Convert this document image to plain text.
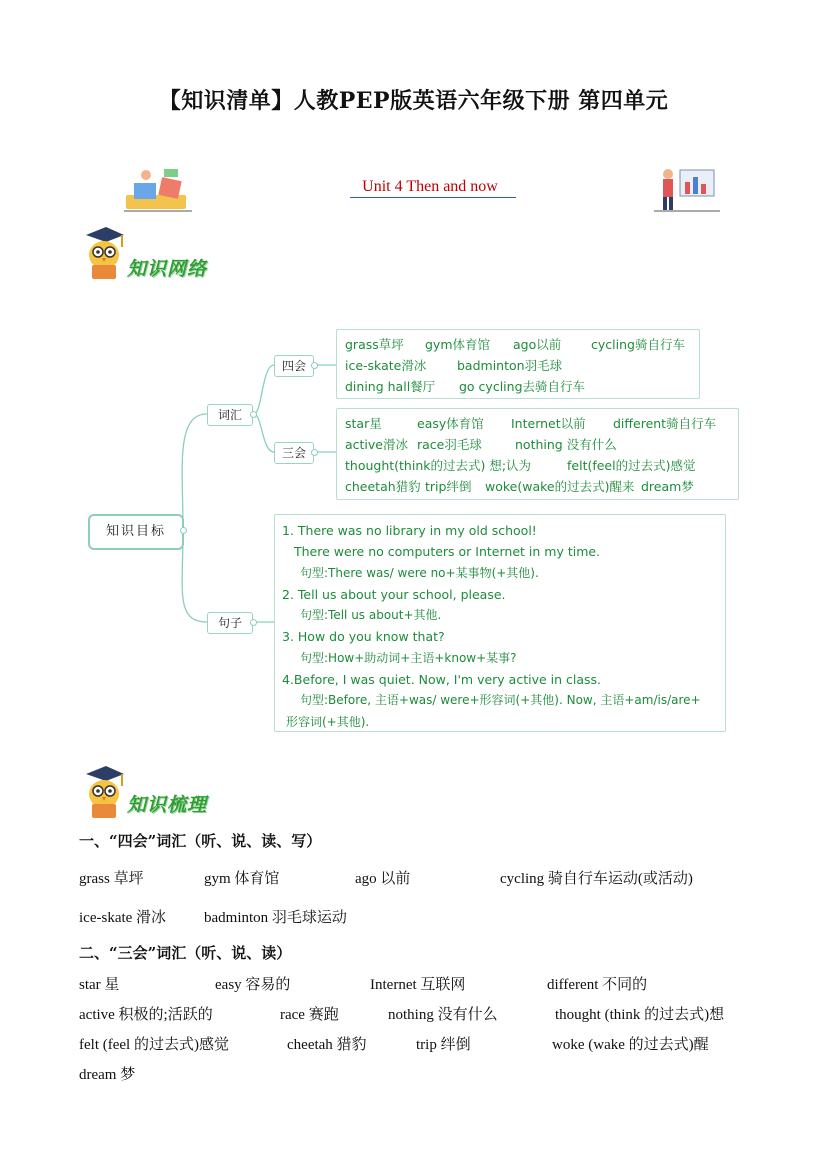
【知识清单】人教PEP版英语六年级下册 第四单元
Unit 4 Then and now
知识网络
知识目标
词汇
四会
三会
句子
grass草坪 gym体育馆 ago以前 cycling骑自行车
ice-skate滑冰 badminton羽毛球
dining hall餐厅 go cycling去骑自行车
star星	easy体育馆 Internet以前 different骑自行车
active滑冰 race羽毛球	nothing 没有什么
thought(think的过去式) 想;认为	felt(feel的过去式)感觉
cheetah猎豹 trip绊倒 woke(wake的过去式)醒来 dream梦
1. There was no library in my old school!
There were no computers or Internet in my time.
句型:There was/ were no+某事物(+其他).
2. Tell us about your school, please.
句型:Tell us about+其他.
3. How do you know that?
句型:How+助动词+主语+know+某事?
4.Before, I was quiet. Now, I'm very active in class.
句型:Before, 主语+was/ were+形容词(+其他). Now, 主语+am/is/are+
形容词(+其他).
知识梳理
一、“四会”词汇（听、说、读、写）
grass 草坪	gym 体育馆	ago 以前	cycling 骑自行车运动(或活动)
ice-skate 滑冰	badminton 羽毛球运动
二、“三会”词汇（听、说、读）
star 星	easy 容易的	Internet 互联网	different 不同的
active 积极的;活跃的	race 赛跑	nothing 没有什么	thought (think 的过去式)想
felt (feel 的过去式)感觉	cheetah 猎豹	trip 绊倒	woke (wake 的过去式)醒
dream 梦
